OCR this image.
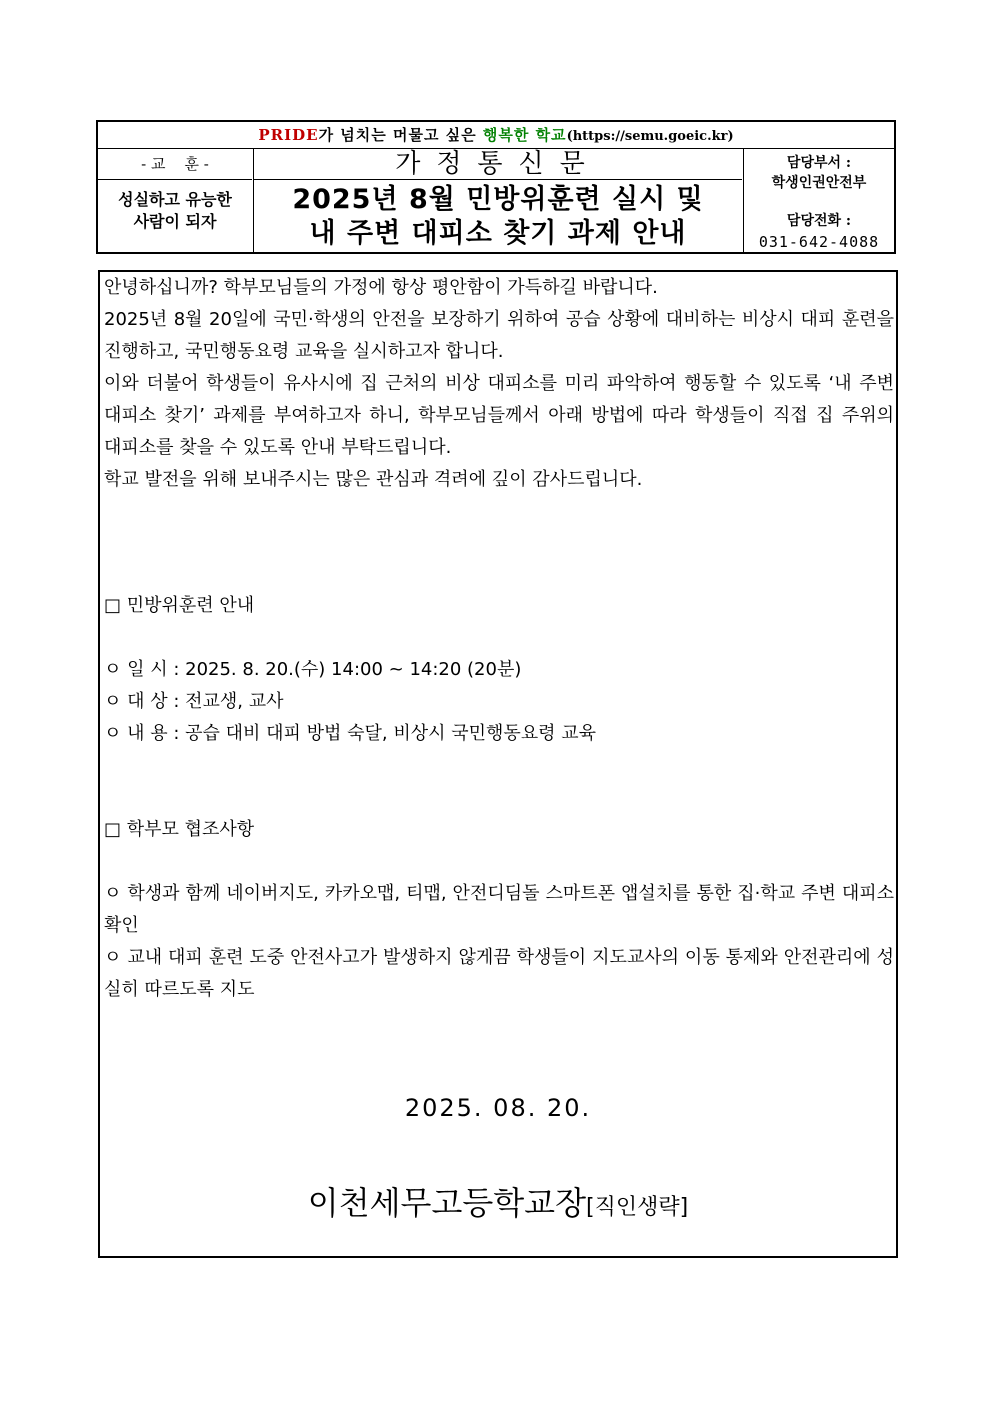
PRIDE가 넘치는 머물고 싶은 행복한 학교(https://semu.goeic.kr)
- 교    훈 -
성실하고 유능한
사람이 되자
가정통신문
2025년 8월 민방위훈련 실시 및
내 주변 대피소 찾기 과제 안내
담당부서 :
학생인권안전부
담당전화 :
031-642-4088

안녕하십니까? 학부모님들의 가정에 항상 평안함이 가득하길 바랍니다.

2025년 8월 20일에 국민·학생의 안전을 보장하기 위하여 공습 상황에 대비하는 비상시 대피 훈련을 진행하고, 국민행동요령 교육을 실시하고자 합니다.

이와 더불어 학생들이 유사시에 집 근처의 비상 대피소를 미리 파악하여 행동할 수 있도록 ‘내 주변 대피소 찾기’ 과제를 부여하고자 하니, 학부모님들께서 아래 방법에 따라 학생들이 직접 집 주위의 대피소를 찾을 수 있도록 안내 부탁드립니다.

학교 발전을 위해 보내주시는 많은 관심과 격려에 깊이 감사드립니다.

□ 민방위훈련 안내
ㅇ 일 시 : 2025. 8. 20.(수) 14:00 ~ 14:20 (20분)
ㅇ 대 상 : 전교생, 교사
ㅇ 내 용 : 공습 대비 대피 방법 숙달, 비상시 국민행동요령 교육
□ 학부모 협조사항
ㅇ 학생과 함께 네이버지도, 카카오맵, 티맵, 안전디딤돌 스마트폰 앱설치를 통한 집·학교 주변 대피소 확인
ㅇ 교내 대피 훈련 도중 안전사고가 발생하지 않게끔 학생들이 지도교사의 이동 통제와 안전관리에 성실히 따르도록 지도
2025. 08. 20.
이천세무고등학교장[직인생략]
